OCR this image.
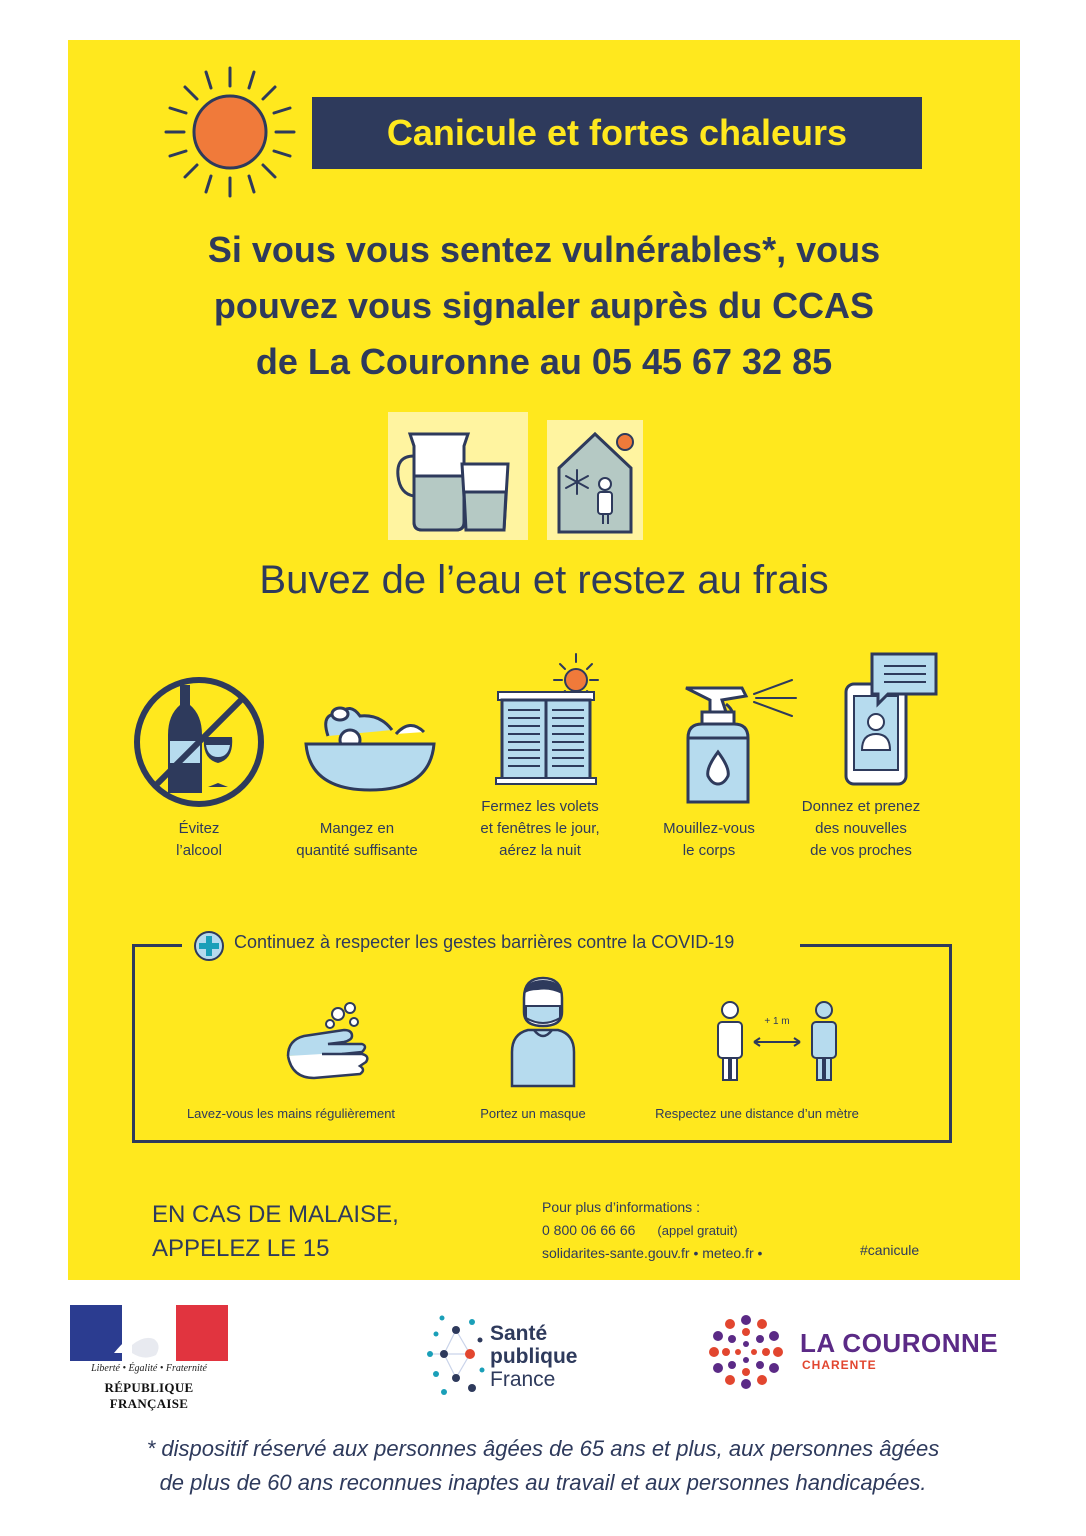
Canicule et fortes chaleurs
Si vous vous sentez vulnérables*, vous
pouvez vous signaler auprès du CCAS
de La Couronne au 05 45 67 32 85
Buvez de l’eau et restez au frais
Évitez
l’alcool
Mangez en
quantité suffisante
Fermez les volets
et fenêtres le jour,
aérez la nuit
Mouillez-vous
le corps
Donnez et prenez
des nouvelles
de vos proches
Continuez à respecter les gestes barrières contre la COVID-19
Lavez-vous les mains régulièrement	Portez un masque
+ 1 m
Respectez une distance d’un mètre
EN CAS DE MALAISE,
APPELEZ LE 15
Pour plus d’informations :
0 800 06 66 66 (appel gratuit)
solidarites-sante.gouv.fr • meteo.fr •	#canicule
Liberté • Égalité • Fraternité
RÉPUBLIQUE FRANÇAISE
Santé
publique
France
LA COURONNE
CHARENTE
* dispositif réservé aux personnes âgées de 65 ans et plus, aux personnes âgées
de plus de 60 ans reconnues inaptes au travail et aux personnes handicapées.
